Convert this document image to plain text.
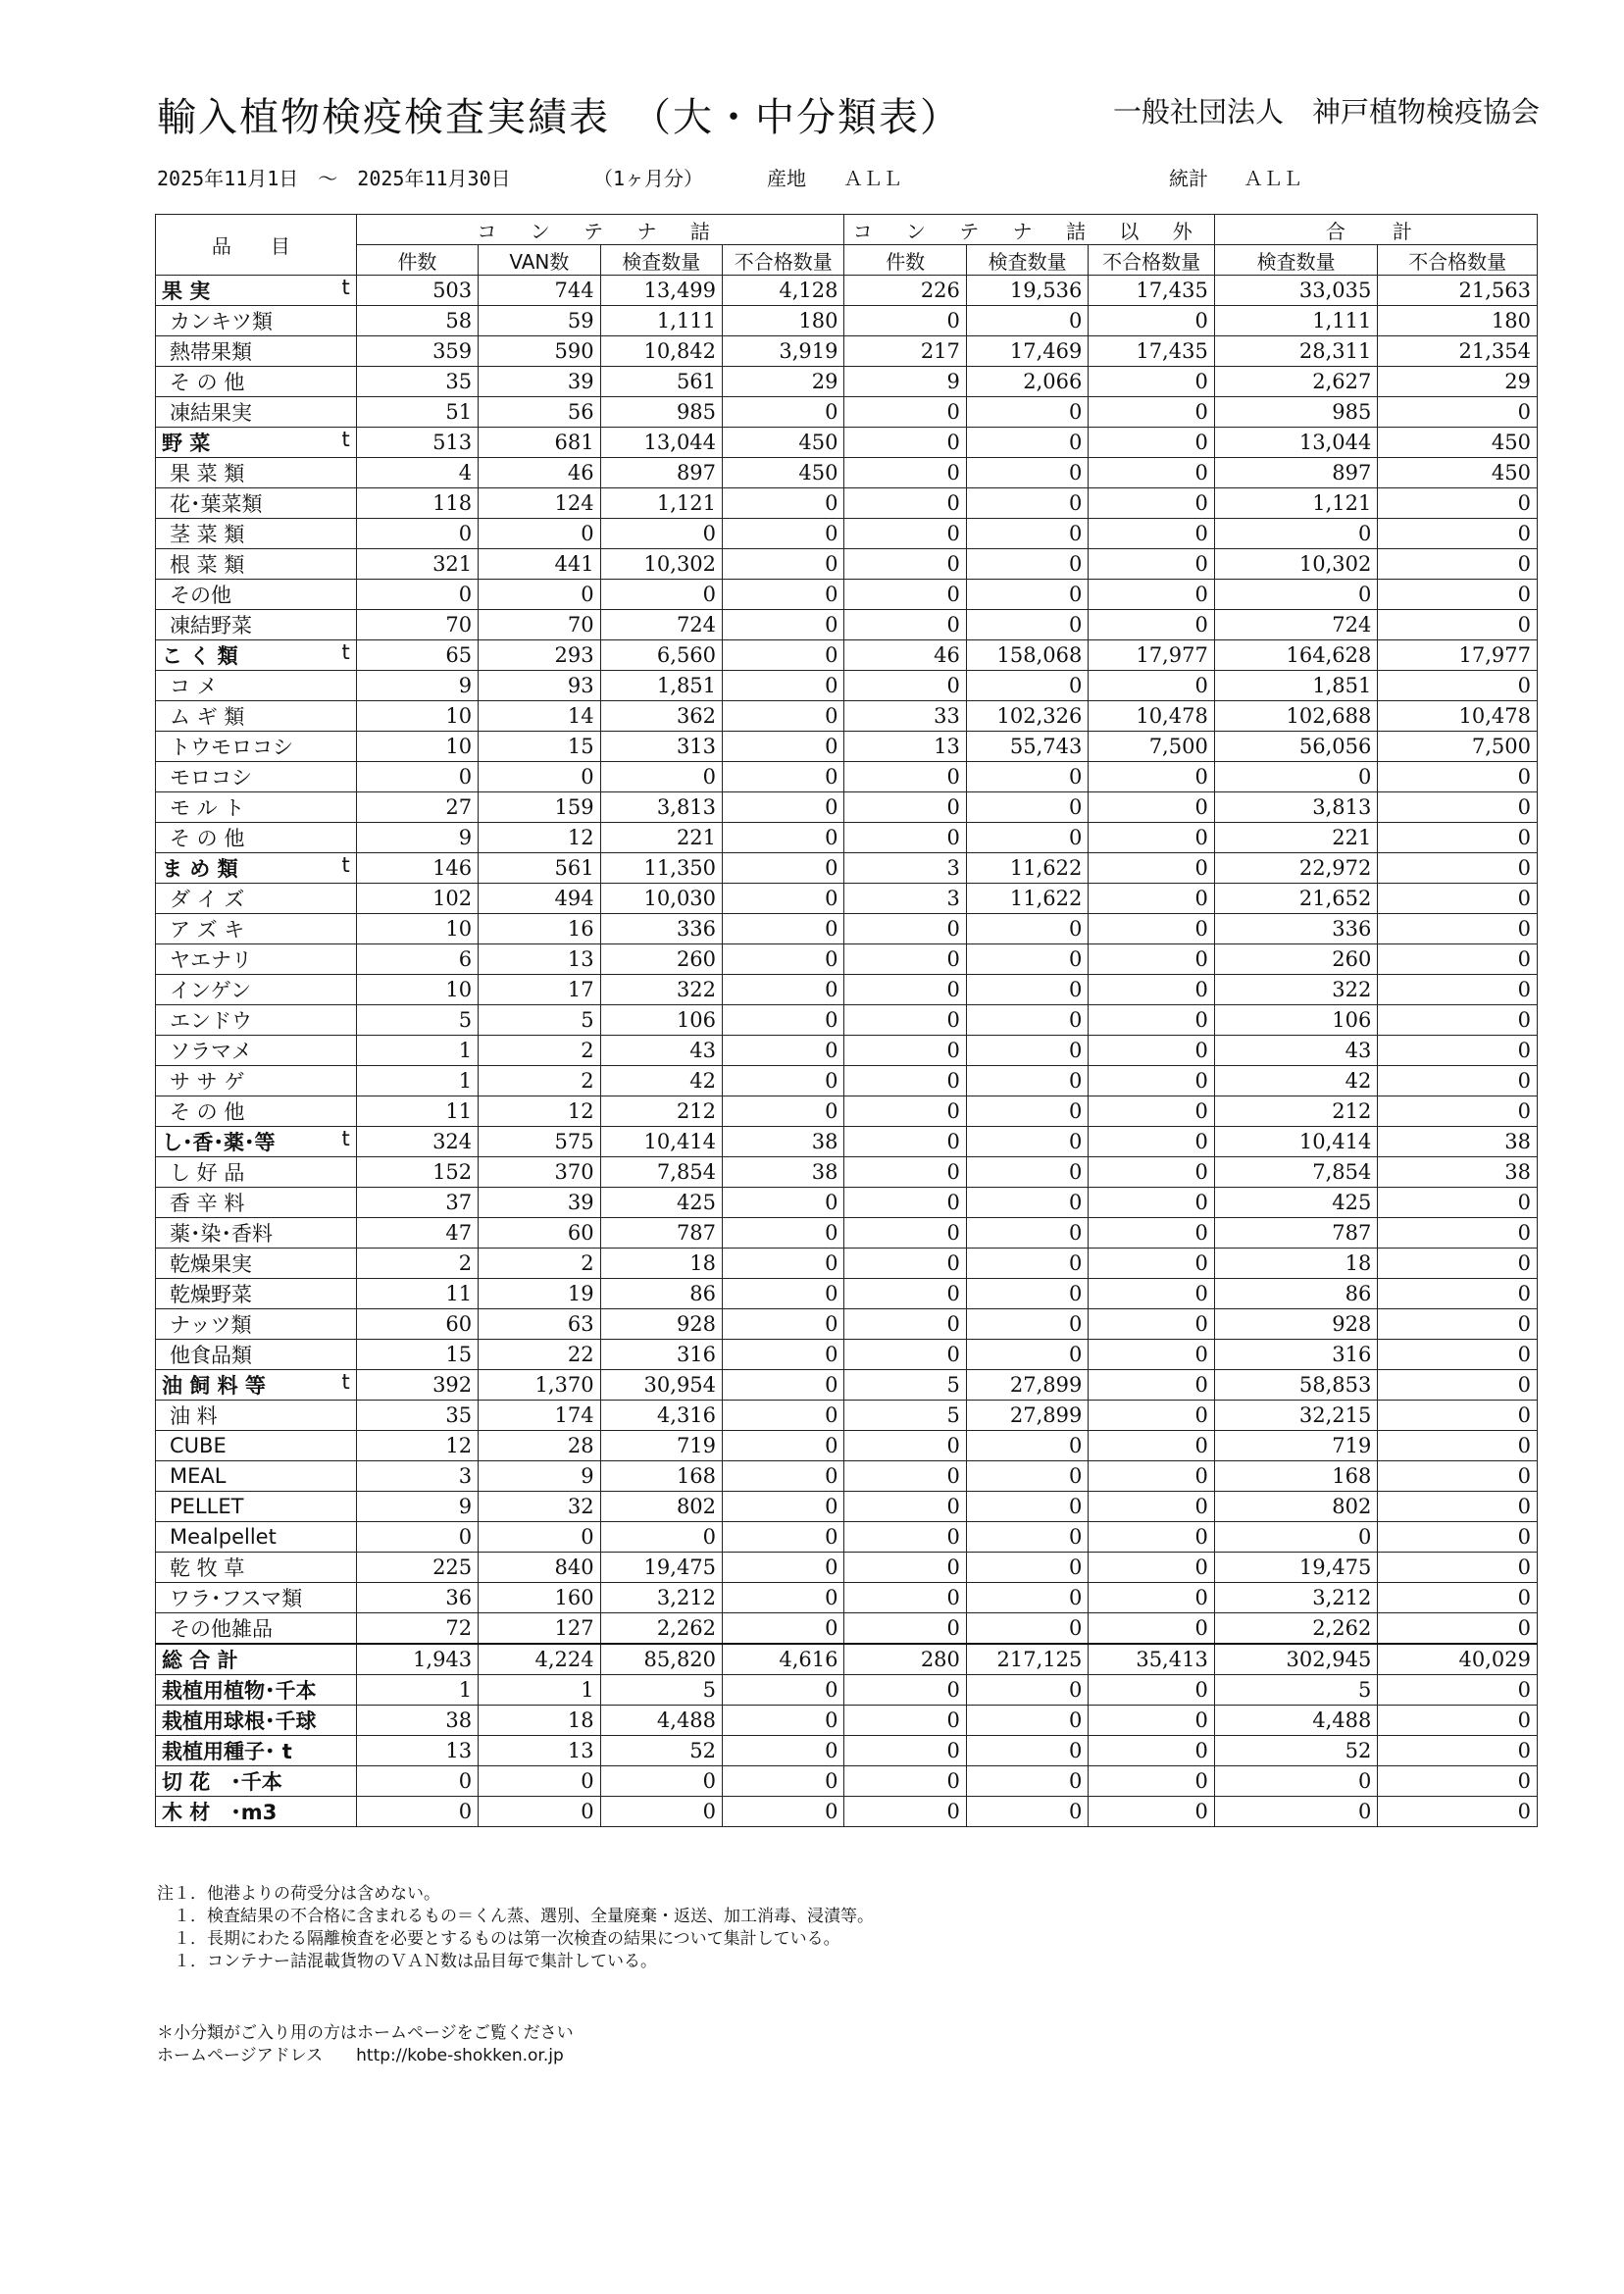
輸入植物検疫検査実績表　（大・中分類表）	一般社団法人　神戸植物検疫協会
2025年11月1日　～　2025年11月30日	（1ヶ月分）	産地 ＡＬＬ	統計 ＡＬＬ
品　目	コ ン テ ナ 詰				コ ン テ ナ 詰 以 外			合　計	
	件数	VAN数	検査数量	不合格数量	件数	検査数量	不合格数量	検査数量	不合格数量
果 実 t	503	744	13,499	4,128	226	19,536	17,435	33,035	21,563
カンキツ類	58	59	1,111	180	0	0	0	1,111	180
熱帯果類	359	590	10,842	3,919	217	17,469	17,435	28,311	21,354
そ の 他	35	39	561	29	9	2,066	0	2,627	29
凍結果実	51	56	985	0	0	0	0	985	0
野 菜 t	513	681	13,044	450	0	0	0	13,044	450
果 菜 類	4	46	897	450	0	0	0	897	450
花･葉菜類	118	124	1,121	0	0	0	0	1,121	0
茎 菜 類	0	0	0	0	0	0	0	0	0
根 菜 類	321	441	10,302	0	0	0	0	10,302	0
その他	0	0	0	0	0	0	0	0	0
凍結野菜	70	70	724	0	0	0	0	724	0
こ く 類 t	65	293	6,560	0	46	158,068	17,977	164,628	17,977
コ メ	9	93	1,851	0	0	0	0	1,851	0
ム ギ 類	10	14	362	0	33	102,326	10,478	102,688	10,478
トウモロコシ	10	15	313	0	13	55,743	7,500	56,056	7,500
モロコシ	0	0	0	0	0	0	0	0	0
モ ル ト	27	159	3,813	0	0	0	0	3,813	0
そ の 他	9	12	221	0	0	0	0	221	0
ま め 類 t	146	561	11,350	0	3	11,622	0	22,972	0
ダ イ ズ	102	494	10,030	0	3	11,622	0	21,652	0
ア ズ キ	10	16	336	0	0	0	0	336	0
ヤエナリ	6	13	260	0	0	0	0	260	0
インゲン	10	17	322	0	0	0	0	322	0
エンドウ	5	5	106	0	0	0	0	106	0
ソラマメ	1	2	43	0	0	0	0	43	0
サ サ ゲ	1	2	42	0	0	0	0	42	0
そ の 他	11	12	212	0	0	0	0	212	0
し･香･薬･等 t	324	575	10,414	38	0	0	0	10,414	38
し 好 品	152	370	7,854	38	0	0	0	7,854	38
香 辛 料	37	39	425	0	0	0	0	425	0
薬･染･香料	47	60	787	0	0	0	0	787	0
乾燥果実	2	2	18	0	0	0	0	18	0
乾燥野菜	11	19	86	0	0	0	0	86	0
ナッツ類	60	63	928	0	0	0	0	928	0
他食品類	15	22	316	0	0	0	0	316	0
油 飼 料 等 t	392	1,370	30,954	0	5	27,899	0	58,853	0
油 料	35	174	4,316	0	5	27,899	0	32,215	0
CUBE	12	28	719	0	0	0	0	719	0
MEAL	3	9	168	0	0	0	0	168	0
PELLET	9	32	802	0	0	0	0	802	0
Mealpellet	0	0	0	0	0	0	0	0	0
乾 牧 草	225	840	19,475	0	0	0	0	19,475	0
ワラ･フスマ類	36	160	3,212	0	0	0	0	3,212	0
その他雑品	72	127	2,262	0	0	0	0	2,262	0
総 合 計	1,943	4,224	85,820	4,616	280	217,125	35,413	302,945	40,029
栽植用植物･千本	1	1	5	0	0	0	0	5	0
栽植用球根･千球	38	18	4,488	0	0	0	0	4,488	0
栽植用種子･ t	13	13	52	0	0	0	0	52	0
切 花　･千本	0	0	0	0	0	0	0	0	0
木 材　･m3	0	0	0	0	0	0	0	0	0
注１．他港よりの荷受分は含めない。
　１．検査結果の不合格に含まれるもの＝くん蒸、選別、全量廃棄・返送、加工消毒、浸漬等。
　１．長期にわたる隔離検査を必要とするものは第一次検査の結果について集計している。
　１．コンテナー詰混載貨物のＶＡＮ数は品目毎で集計している。
＊小分類がご入り用の方はホームページをご覧ください
ホームページアドレス　　http://kobe-shokken.or.jp
